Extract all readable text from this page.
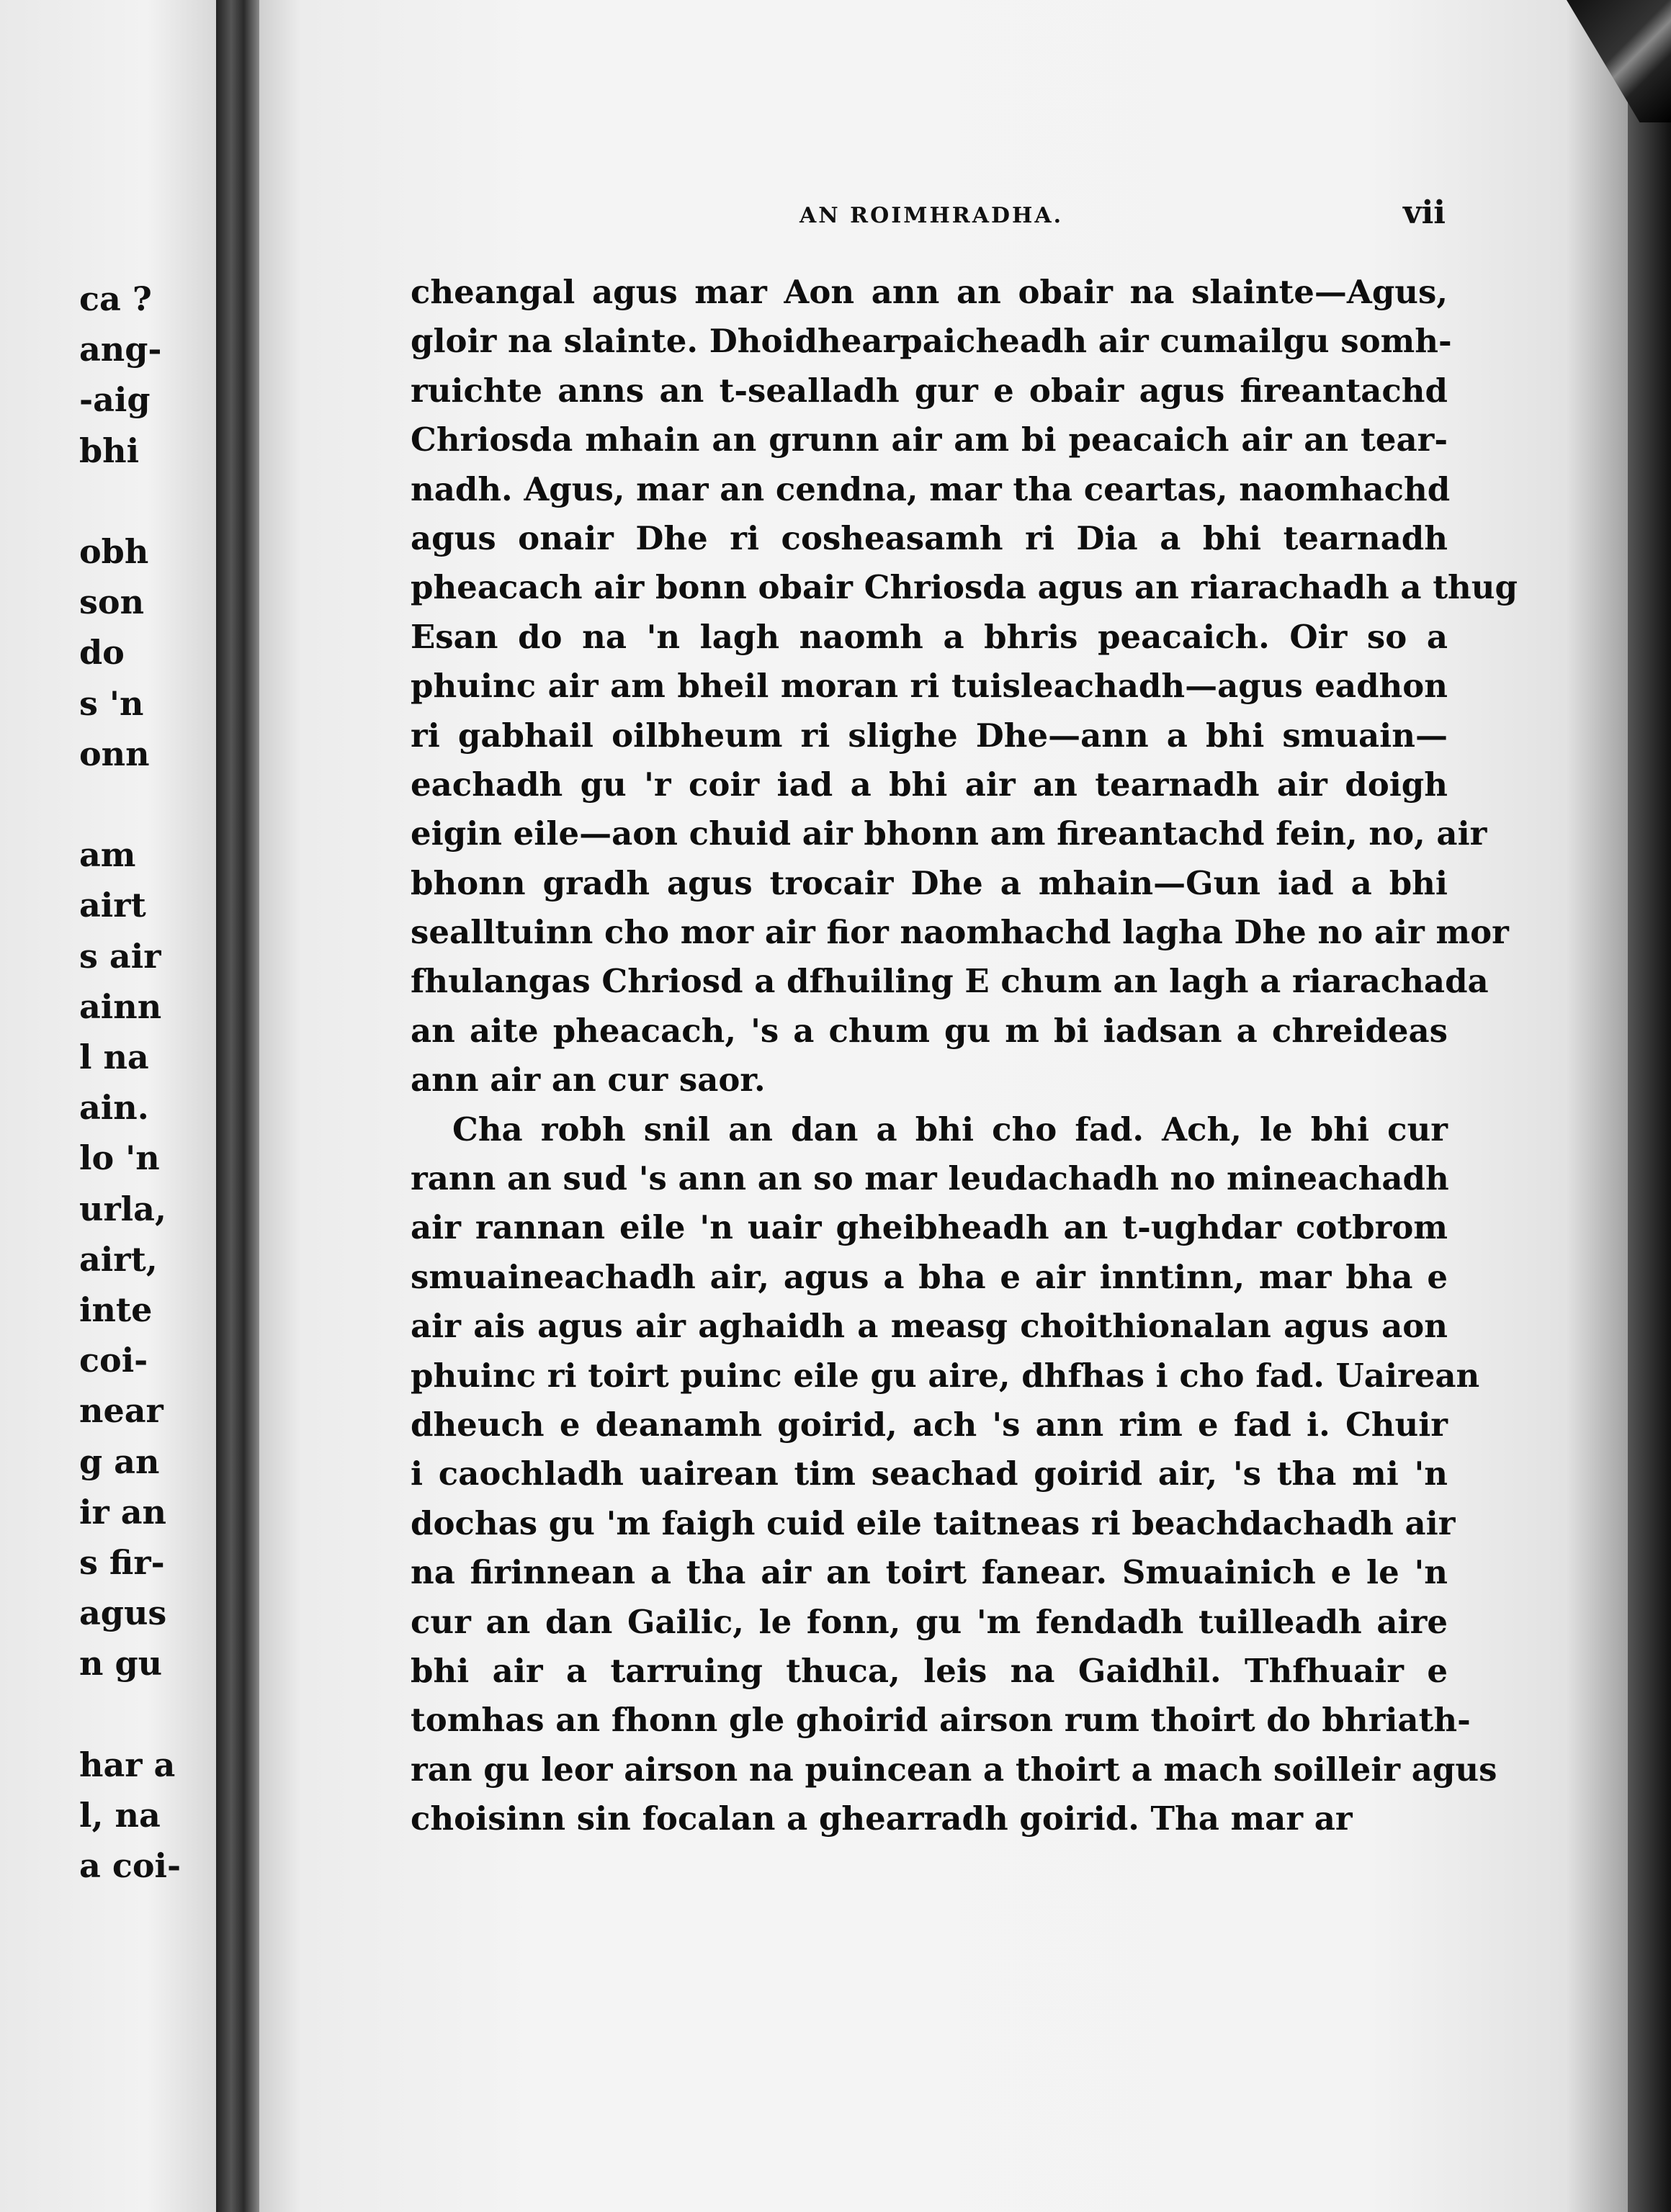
ca ?
ang-
-aig
bhi
obh
son
do
s 'n
onn
am
airt
s air
ainn
l na
ain.
lo 'n
urla,
airt,
inte
coi-
near
g an
ir an
s fir-
agus
n gu
har a
l, na
a coi-
AN ROIMHRADHA.	vii
cheangal agus mar Aon ann an obair na slainte—Agus,
gloir na slainte. Dhoidhearpaicheadh air cumailgu somh-
ruichte anns an t-sealladh gur e obair agus fireantachd
Chriosda mhain an grunn air am bi peacaich air an tear-
nadh. Agus, mar an cendna, mar tha ceartas, naomhachd
agus onair Dhe ri cosheasamh ri Dia a bhi tearnadh
pheacach air bonn obair Chriosda agus an riarachadh a thug
Esan do na 'n lagh naomh a bhris peacaich. Oir so a
phuinc air am bheil moran ri tuisleachadh—agus eadhon
ri gabhail oilbheum ri slighe Dhe—ann a bhi smuain—
eachadh gu 'r coir iad a bhi air an tearnadh air doigh
eigin eile—aon chuid air bhonn am fireantachd fein, no, air
bhonn gradh agus trocair Dhe a mhain—Gun iad a bhi
sealltuinn cho mor air fior naomhachd lagha Dhe no air mor
fhulangas Chriosd a dfhuiling E chum an lagh a riarachada
an aite pheacach, 's a chum gu m bi iadsan a chreideas
ann air an cur saor.
Cha robh snil an dan a bhi cho fad. Ach, le bhi cur
rann an sud 's ann an so mar leudachadh no mineachadh
air rannan eile 'n uair gheibheadh an t-ughdar cotbrom
smuaineachadh air, agus a bha e air inntinn, mar bha e
air ais agus air aghaidh a measg choithionalan agus aon
phuinc ri toirt puinc eile gu aire, dhfhas i cho fad. Uairean
dheuch e deanamh goirid, ach 's ann rim e fad i. Chuir
i caochladh uairean tim seachad goirid air, 's tha mi 'n
dochas gu 'm faigh cuid eile taitneas ri beachdachadh air
na firinnean a tha air an toirt fanear. Smuainich e le 'n
cur an dan Gailic, le fonn, gu 'm fendadh tuilleadh aire
bhi air a tarruing thuca, leis na Gaidhil. Thfhuair e
tomhas an fhonn gle ghoirid airson rum thoirt do bhriath-
ran gu leor airson na puincean a thoirt a mach soilleir agus
choisinn sin focalan a ghearradh goirid. Tha mar ar
